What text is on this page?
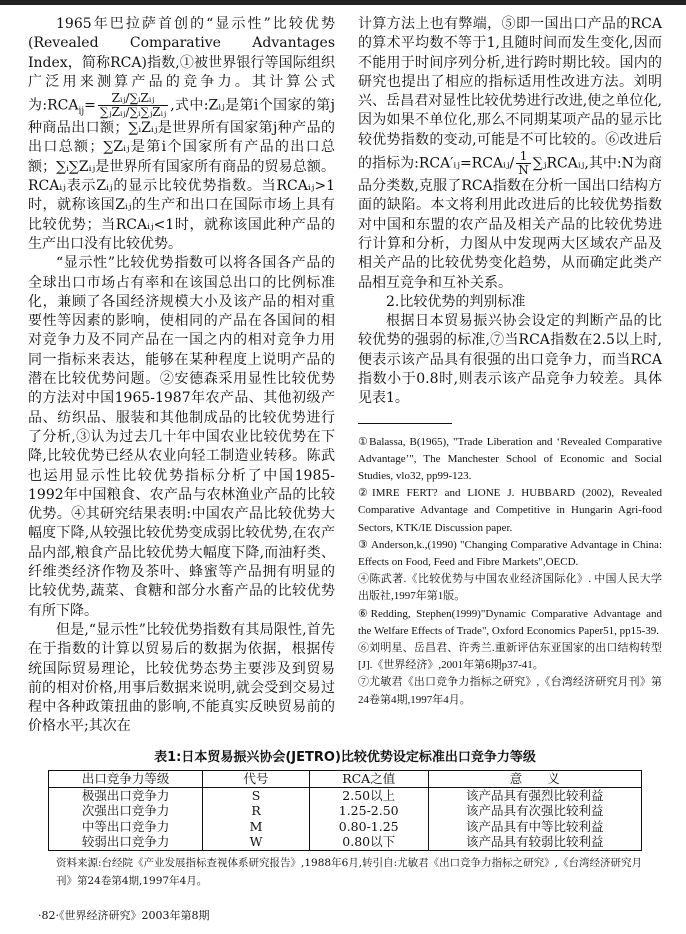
1965年巴拉萨首创的“显示性”比较优势(Revealed Comparative Advantages Index，简称RCA)指数,①被世界银行等国际组织广泛用来测算产品的竞争力。其计算公式为$:RCA_{ij}= \frac{\text{Zᵢⱼ/∑ᵢZᵢⱼ}}{\text{∑ⱼZᵢⱼ/∑ᵢ∑ⱼZᵢⱼ}}$ ,式中:Zᵢⱼ是第i个国家的第j种商品出口额；∑ᵢZᵢⱼ是世界所有国家第j种产品的出口总额；∑Zᵢⱼ是第i个国家所有产品的出口总额；∑ᵢ∑Zᵢⱼ是世界所有国家所有商品的贸易总额。RCAᵢⱼ表示Zᵢⱼ的显示比较优势指数。当RCAᵢⱼ>1时，就称该国Zᵢⱼ的生产和出口在国际市场上具有比较优势；当RCAᵢⱼ<1时，就称该国此种产品的生产出口没有比较优势。

“显示性”比较优势指数可以将各国各产品的全球出口市场占有率和在该国总出口的比例标准化，兼顾了各国经济规模大小及该产品的相对重要性等因素的影响，使相同的产品在各国间的相对竞争力及不同产品在一国之内的相对竞争力用同一指标来表达，能够在某种程度上说明产品的潜在比较优势问题。②安德森采用显性比较优势的方法对中国1965-1987年农产品、其他初级产品、纺织品、服装和其他制成品的比较优势进行了分析,③认为过去几十年中国农业比较优势在下降,比较优势已经从农业向轻工制造业转移。陈武也运用显示性比较优势指标分析了中国1985-1992年中国粮食、农产品与农林渔业产品的比较优势。④其研究结果表明:中国农产品比较优势大幅度下降,从较强比较优势变成弱比较优势,在农产品内部,粮食产品比较优势大幅度下降,而油籽类、纤维类经济作物及茶叶、蜂蜜等产品拥有明显的比较优势,蔬菜、食糖和部分水畜产品的比较优势有所下降。

但是,“显示性”比较优势指数有其局限性,首先在于指数的计算以贸易后的数据为依据，根据传统国际贸易理论，比较优势态势主要涉及到贸易前的相对价格,用事后数据来说明,就会受到交易过程中各种政策扭曲的影响,不能真实反映贸易前的价格水平;其次在

计算方法上也有弊端，⑤即一国出口产品的RCA的算术平均数不等于1,且随时间而发生变化,因而不能用于时间序列分析,进行跨时期比较。国内的研究也提出了相应的指标适用性改进方法。刘明兴、岳昌君对显性比较优势进行改进,使之单位化,因为如果不单位化,那么不同期某项产品的显示比较优势指数的变动,可能是不可比较的。⑥改进后的指标为:RCA′ᵢⱼ=RCAᵢⱼ/ $\frac{1}{N}$ ∑ⱼRCAᵢⱼ,其中:N为商品分类数,克服了RCA指数在分析一国出口结构方面的缺陷。本文将利用此改进后的比较优势指数对中国和东盟的农产品及相关产品的比较优势进行计算和分析，力图从中发现两大区域农产品及相关产品的比较优势变化趋势，从而确定此类产品相互竞争和互补关系。

2.比较优势的判别标准

根据日本贸易振兴协会设定的判断产品的比较优势的强弱的标准,⑦当RCA指数在2.5以上时,便表示该产品具有很强的出口竞争力，而当RCA指数小于0.8时,则表示该产品竞争力较差。具体见表1。

①Balassa, B(1965), "Trade Liberation and ‘Revealed Comparative Advantage’", The Manchester School of Economic and Social Studies, vlo32, pp99-123.

②IMRE FERT? and LIONE J. HUBBARD (2002), Revealed Comparative Advantage and Competitive in Hungarin Agri-food Sectors, KTK/IE Discussion paper.

③ Anderson,k.,(1990) "Changing Comparative Advantage in China: Effects on Food, Feed and Fibre Markets",OECD.

④陈武著.《比较优势与中国农业经济国际化》. 中国人民大学出版社,1997年第1版。

⑥Redding, Stephen(1999)"Dynamic Comparative Advantage and the Welfare Effects of Trade", Oxford Economics Paper51, pp15-39.

⑥刘明星、岳昌君、许秀兰.重新评估东亚国家的出口结构转型[J].《世界经济》,2001年第6期p37-41。

⑦尤敏君《出口竞争力指标之研究》,《台湾经济研究月刊》第24卷第4期,1997年4月。

表1:日本贸易振兴协会(JETRO)比较优势设定标准出口竞争力等级
出口竞争力等级	代号	RCA之值	意　　义
极强出口竞争力	S	2.50以上	该产品具有强烈比较利益
次强出口竞争力	R	1.25-2.50	该产品具有次强比较利益
中等出口竞争力	M	0.80-1.25	该产品具有中等比较利益
较弱出口竞争力	W	0.80以下	该产品具有较弱比较利益
资料来源:台经院《产业发展指标查视体系研究报告》,1988年6月,转引自:尤敏君《出口竞争力指标之研究》,《台湾经济研究月刊》第24卷第4期,1997年4月。
·82·《世界经济研究》2003年第8期
